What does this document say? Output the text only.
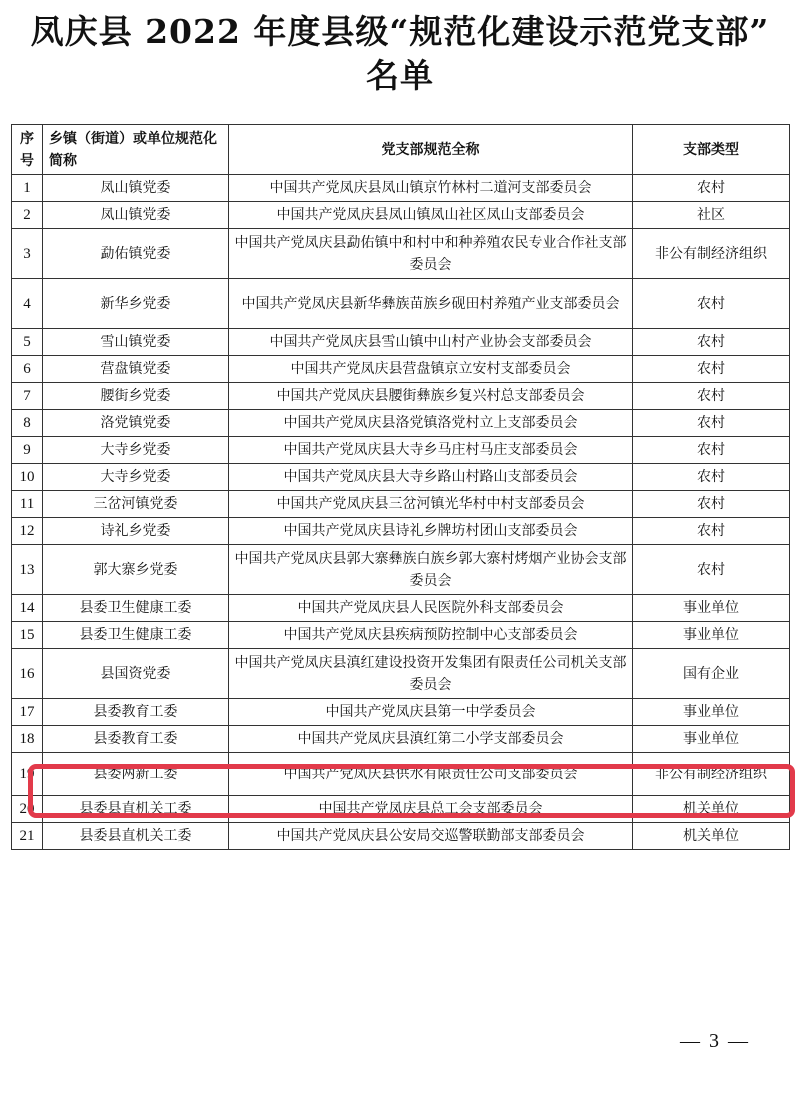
凤庆县 2022 年度县级“规范化建设示范党支部”
名单
序号	乡镇（街道）或单位规范化简称	党支部规范全称	支部类型
1	凤山镇党委	中国共产党凤庆县凤山镇京竹林村二道河支部委员会	农村
2	凤山镇党委	中国共产党凤庆县凤山镇凤山社区凤山支部委员会	社区
3	勐佑镇党委	中国共产党凤庆县勐佑镇中和村中和种养殖农民专业合作社支部委员会	非公有制经济组织
4	新华乡党委	中国共产党凤庆县新华彝族苗族乡砚田村养殖产业支部委员会	农村
5	雪山镇党委	中国共产党凤庆县雪山镇中山村产业协会支部委员会	农村
6	营盘镇党委	中国共产党凤庆县营盘镇京立安村支部委员会	农村
7	腰街乡党委	中国共产党凤庆县腰街彝族乡复兴村总支部委员会	农村
8	洛党镇党委	中国共产党凤庆县洛党镇洛党村立上支部委员会	农村
9	大寺乡党委	中国共产党凤庆县大寺乡马庄村马庄支部委员会	农村
10	大寺乡党委	中国共产党凤庆县大寺乡路山村路山支部委员会	农村
11	三岔河镇党委	中国共产党凤庆县三岔河镇光华村中村支部委员会	农村
12	诗礼乡党委	中国共产党凤庆县诗礼乡牌坊村团山支部委员会	农村
13	郭大寨乡党委	中国共产党凤庆县郭大寨彝族白族乡郭大寨村烤烟产业协会支部委员会	农村
14	县委卫生健康工委	中国共产党凤庆县人民医院外科支部委员会	事业单位
15	县委卫生健康工委	中国共产党凤庆县疾病预防控制中心支部委员会	事业单位
16	县国资党委	中国共产党凤庆县滇红建设投资开发集团有限责任公司机关支部委员会	国有企业
17	县委教育工委	中国共产党凤庆县第一中学委员会	事业单位
18	县委教育工委	中国共产党凤庆县滇红第二小学支部委员会	事业单位
19	县委两新工委	中国共产党凤庆县供水有限责任公司支部委员会	非公有制经济组织
20	县委县直机关工委	中国共产党凤庆县总工会支部委员会	机关单位
21	县委县直机关工委	中国共产党凤庆县公安局交巡警联勤部支部委员会	机关单位
— 3 —
